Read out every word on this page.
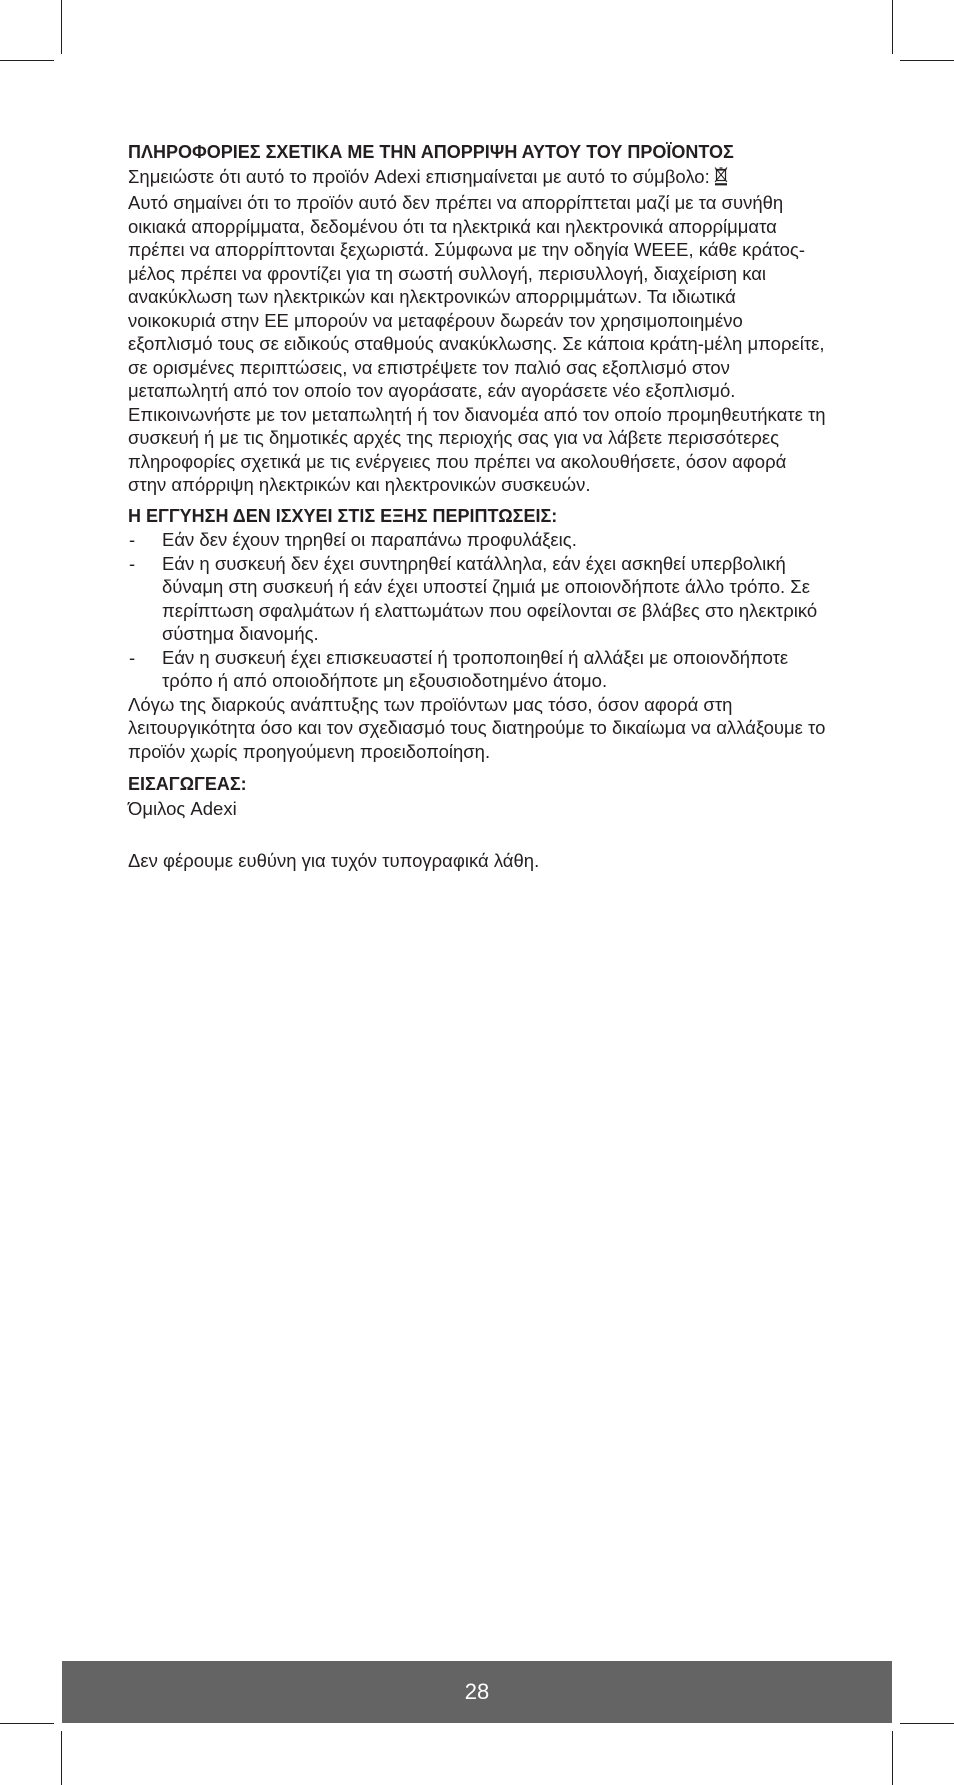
ΠΛΗΡΟΦΟΡΙΕΣ ΣΧΕΤΙΚΑ ΜΕ ΤΗΝ ΑΠΟΡΡΙΨΗ ΑΥΤΟΥ ΤΟΥ ΠΡΟΪΟΝΤΟΣ

Σημειώστε ότι αυτό το προϊόν Adexi επισημαίνεται με αυτό το σύμβολο:

Αυτό σημαίνει ότι το προϊόν αυτό δεν πρέπει να απορρίπτεται μαζί με τα συνήθη οικιακά απορρίμματα, δεδομένου ότι τα ηλεκτρικά και ηλεκτρονικά απορρίμματα πρέπει να απορρίπτονται ξεχωριστά. Σύμφωνα με την οδηγία WEEE, κάθε κράτος-μέλος πρέπει να φροντίζει για τη σωστή συλλογή, περισυλλογή, διαχείριση και ανακύκλωση των ηλεκτρικών και ηλεκτρονικών απορριμμάτων. Τα ιδιωτικά νοικοκυριά στην ΕΕ μπορούν να μεταφέρουν δωρεάν τον χρησιμοποιημένο εξοπλισμό τους σε ειδικούς σταθμούς ανακύκλωσης. Σε κάποια κράτη-μέλη μπορείτε, σε ορισμένες περιπτώσεις, να επιστρέψετε τον παλιό σας εξοπλισμό στον μεταπωλητή από τον οποίο τον αγοράσατε, εάν αγοράσετε νέο εξοπλισμό. Επικοινωνήστε με τον μεταπωλητή ή τον διανομέα από τον οποίο προμηθευτήκατε τη συσκευή ή με τις δημοτικές αρχές της περιοχής σας για να λάβετε περισσότερες πληροφορίες σχετικά με τις ενέργειες που πρέπει να ακολουθήσετε, όσον αφορά στην απόρριψη ηλεκτρικών και ηλεκτρονικών συσκευών.

Η ΕΓΓΥΗΣΗ ΔΕΝ ΙΣΧΥΕΙ ΣΤΙΣ ΕΞΗΣ ΠΕΡΙΠΤΩΣΕΙΣ:

- Εάν δεν έχουν τηρηθεί οι παραπάνω προφυλάξεις.
- Εάν η συσκευή δεν έχει συντηρηθεί κατάλληλα, εάν έχει ασκηθεί υπερβολική δύναμη στη συσκευή ή εάν έχει υποστεί ζημιά με οποιονδήποτε άλλο τρόπο. Σε περίπτωση σφαλμάτων ή ελαττωμάτων που οφείλονται σε βλάβες στο ηλεκτρικό σύστημα διανομής.
- Εάν η συσκευή έχει επισκευαστεί ή τροποποιηθεί ή αλλάξει με οποιονδήποτε τρόπο ή από οποιοδήποτε μη εξουσιοδοτημένο άτομο.

Λόγω της διαρκούς ανάπτυξης των προϊόντων μας τόσο, όσον αφορά στη λειτουργικότητα όσο και τον σχεδιασμό τους διατηρούμε το δικαίωμα να αλλάξουμε το προϊόν χωρίς προηγούμενη προειδοποίηση.

ΕΙΣΑΓΩΓΕΑΣ:

Όμιλος Adexi

Δεν φέρουμε ευθύνη για τυχόν τυπογραφικά λάθη.

28
